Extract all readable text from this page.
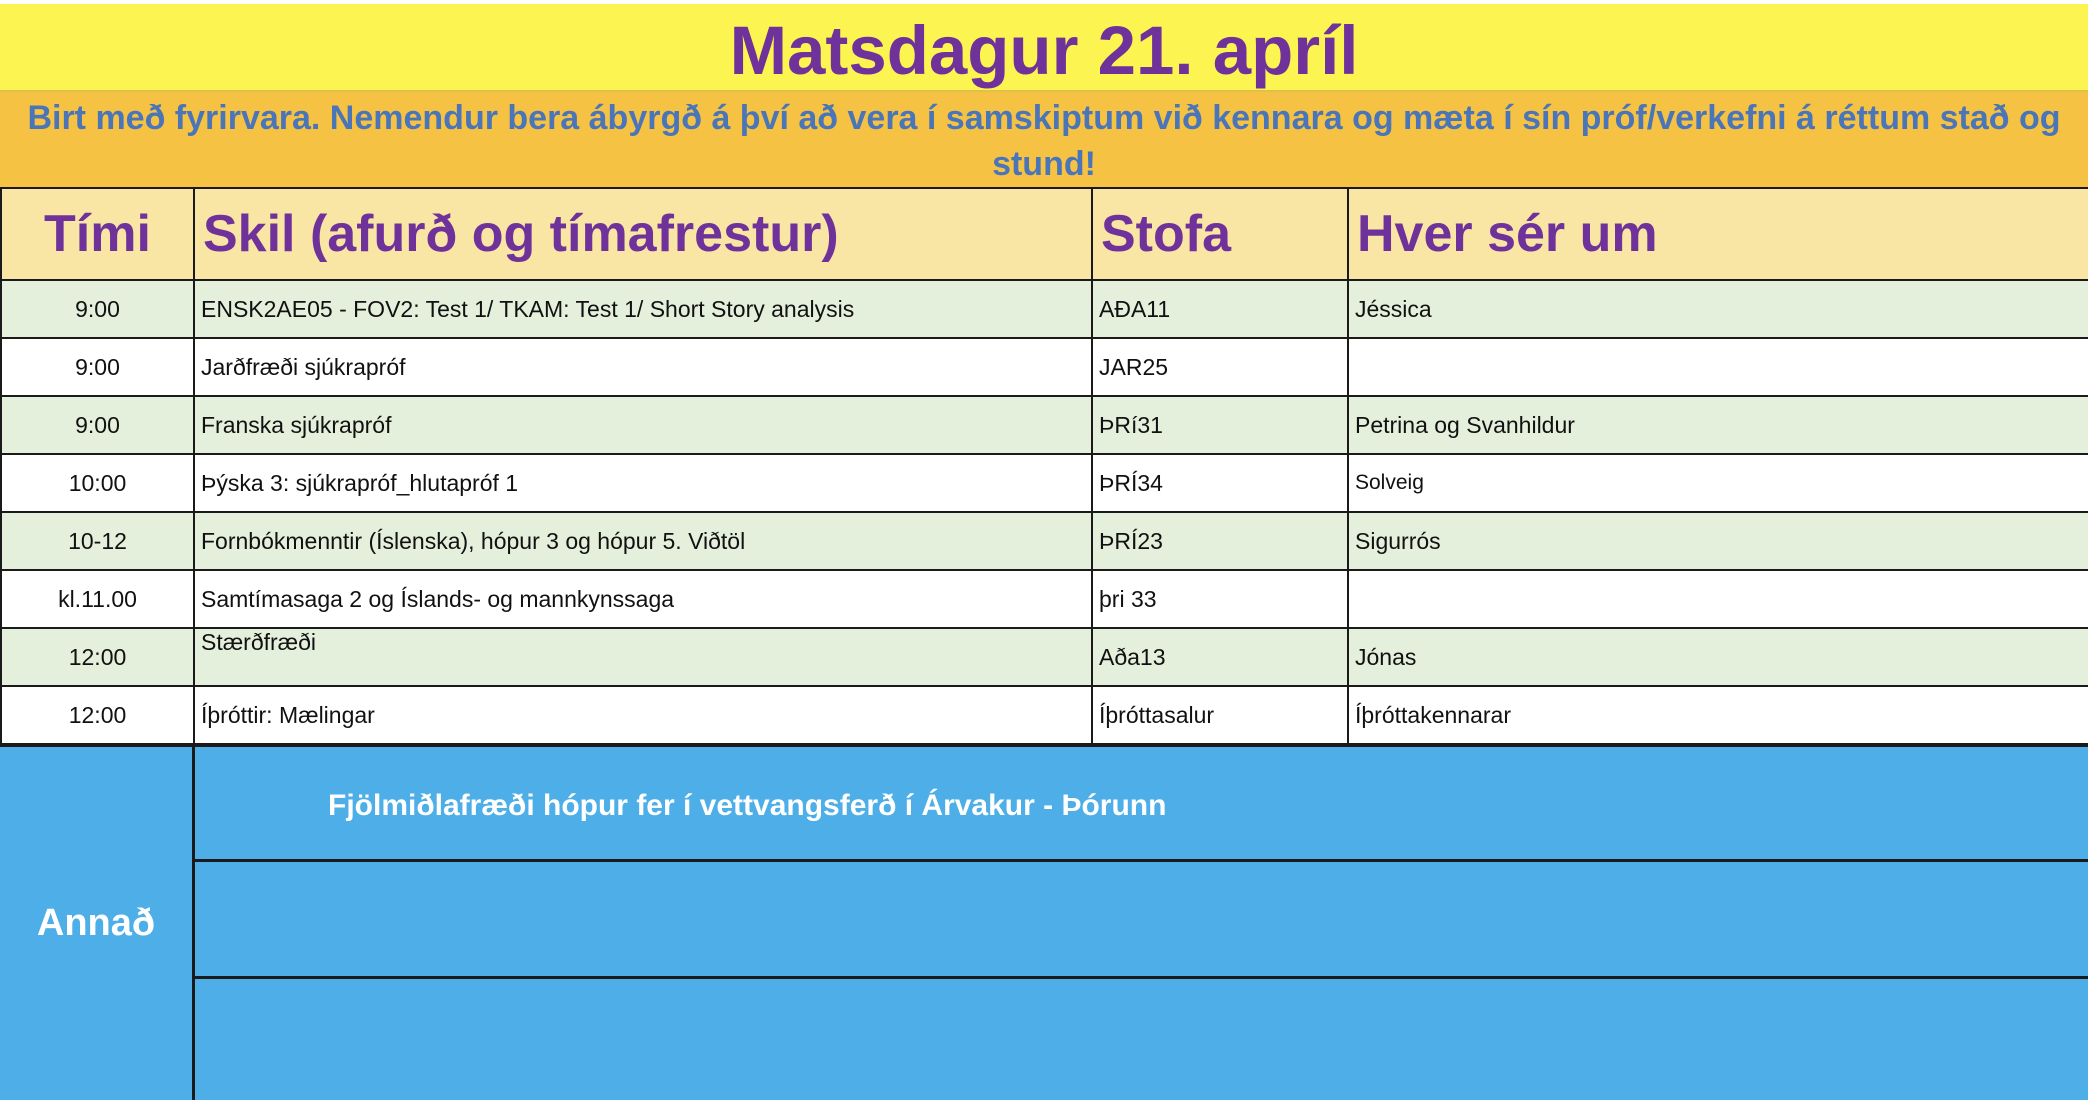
Matsdagur 21. apríl
Birt með fyrirvara. Nemendur bera ábyrgð á því að vera í samskiptum við kennara og mæta í sín próf/verkefni á réttum stað og stund!
Tími	Skil (afurð og tímafrestur)	Stofa	Hver sér um
9:00	ENSK2AE05 - FOV2: Test 1/ TKAM: Test 1/ Short Story analysis	AÐA11	Jéssica
9:00	Jarðfræði sjúkrapróf	JAR25	
9:00	Franska sjúkrapróf	ÞRí31	Petrina og Svanhildur
10:00	Þýska 3: sjúkrapróf_hlutapróf 1	ÞRÍ34	Solveig
10-12	Fornbókmenntir (Íslenska), hópur 3 og hópur 5. Viðtöl	ÞRÍ23	Sigurrós
kl.11.00	Samtímasaga 2 og Íslands- og mannkynssaga	þri 33	
12:00	Stærðfræði	Aða13	Jónas
12:00	Íþróttir: Mælingar	Íþróttasalur	Íþróttakennarar
Annað
Fjölmiðlafræði hópur fer í vettvangsferð í Árvakur - Þórunn
